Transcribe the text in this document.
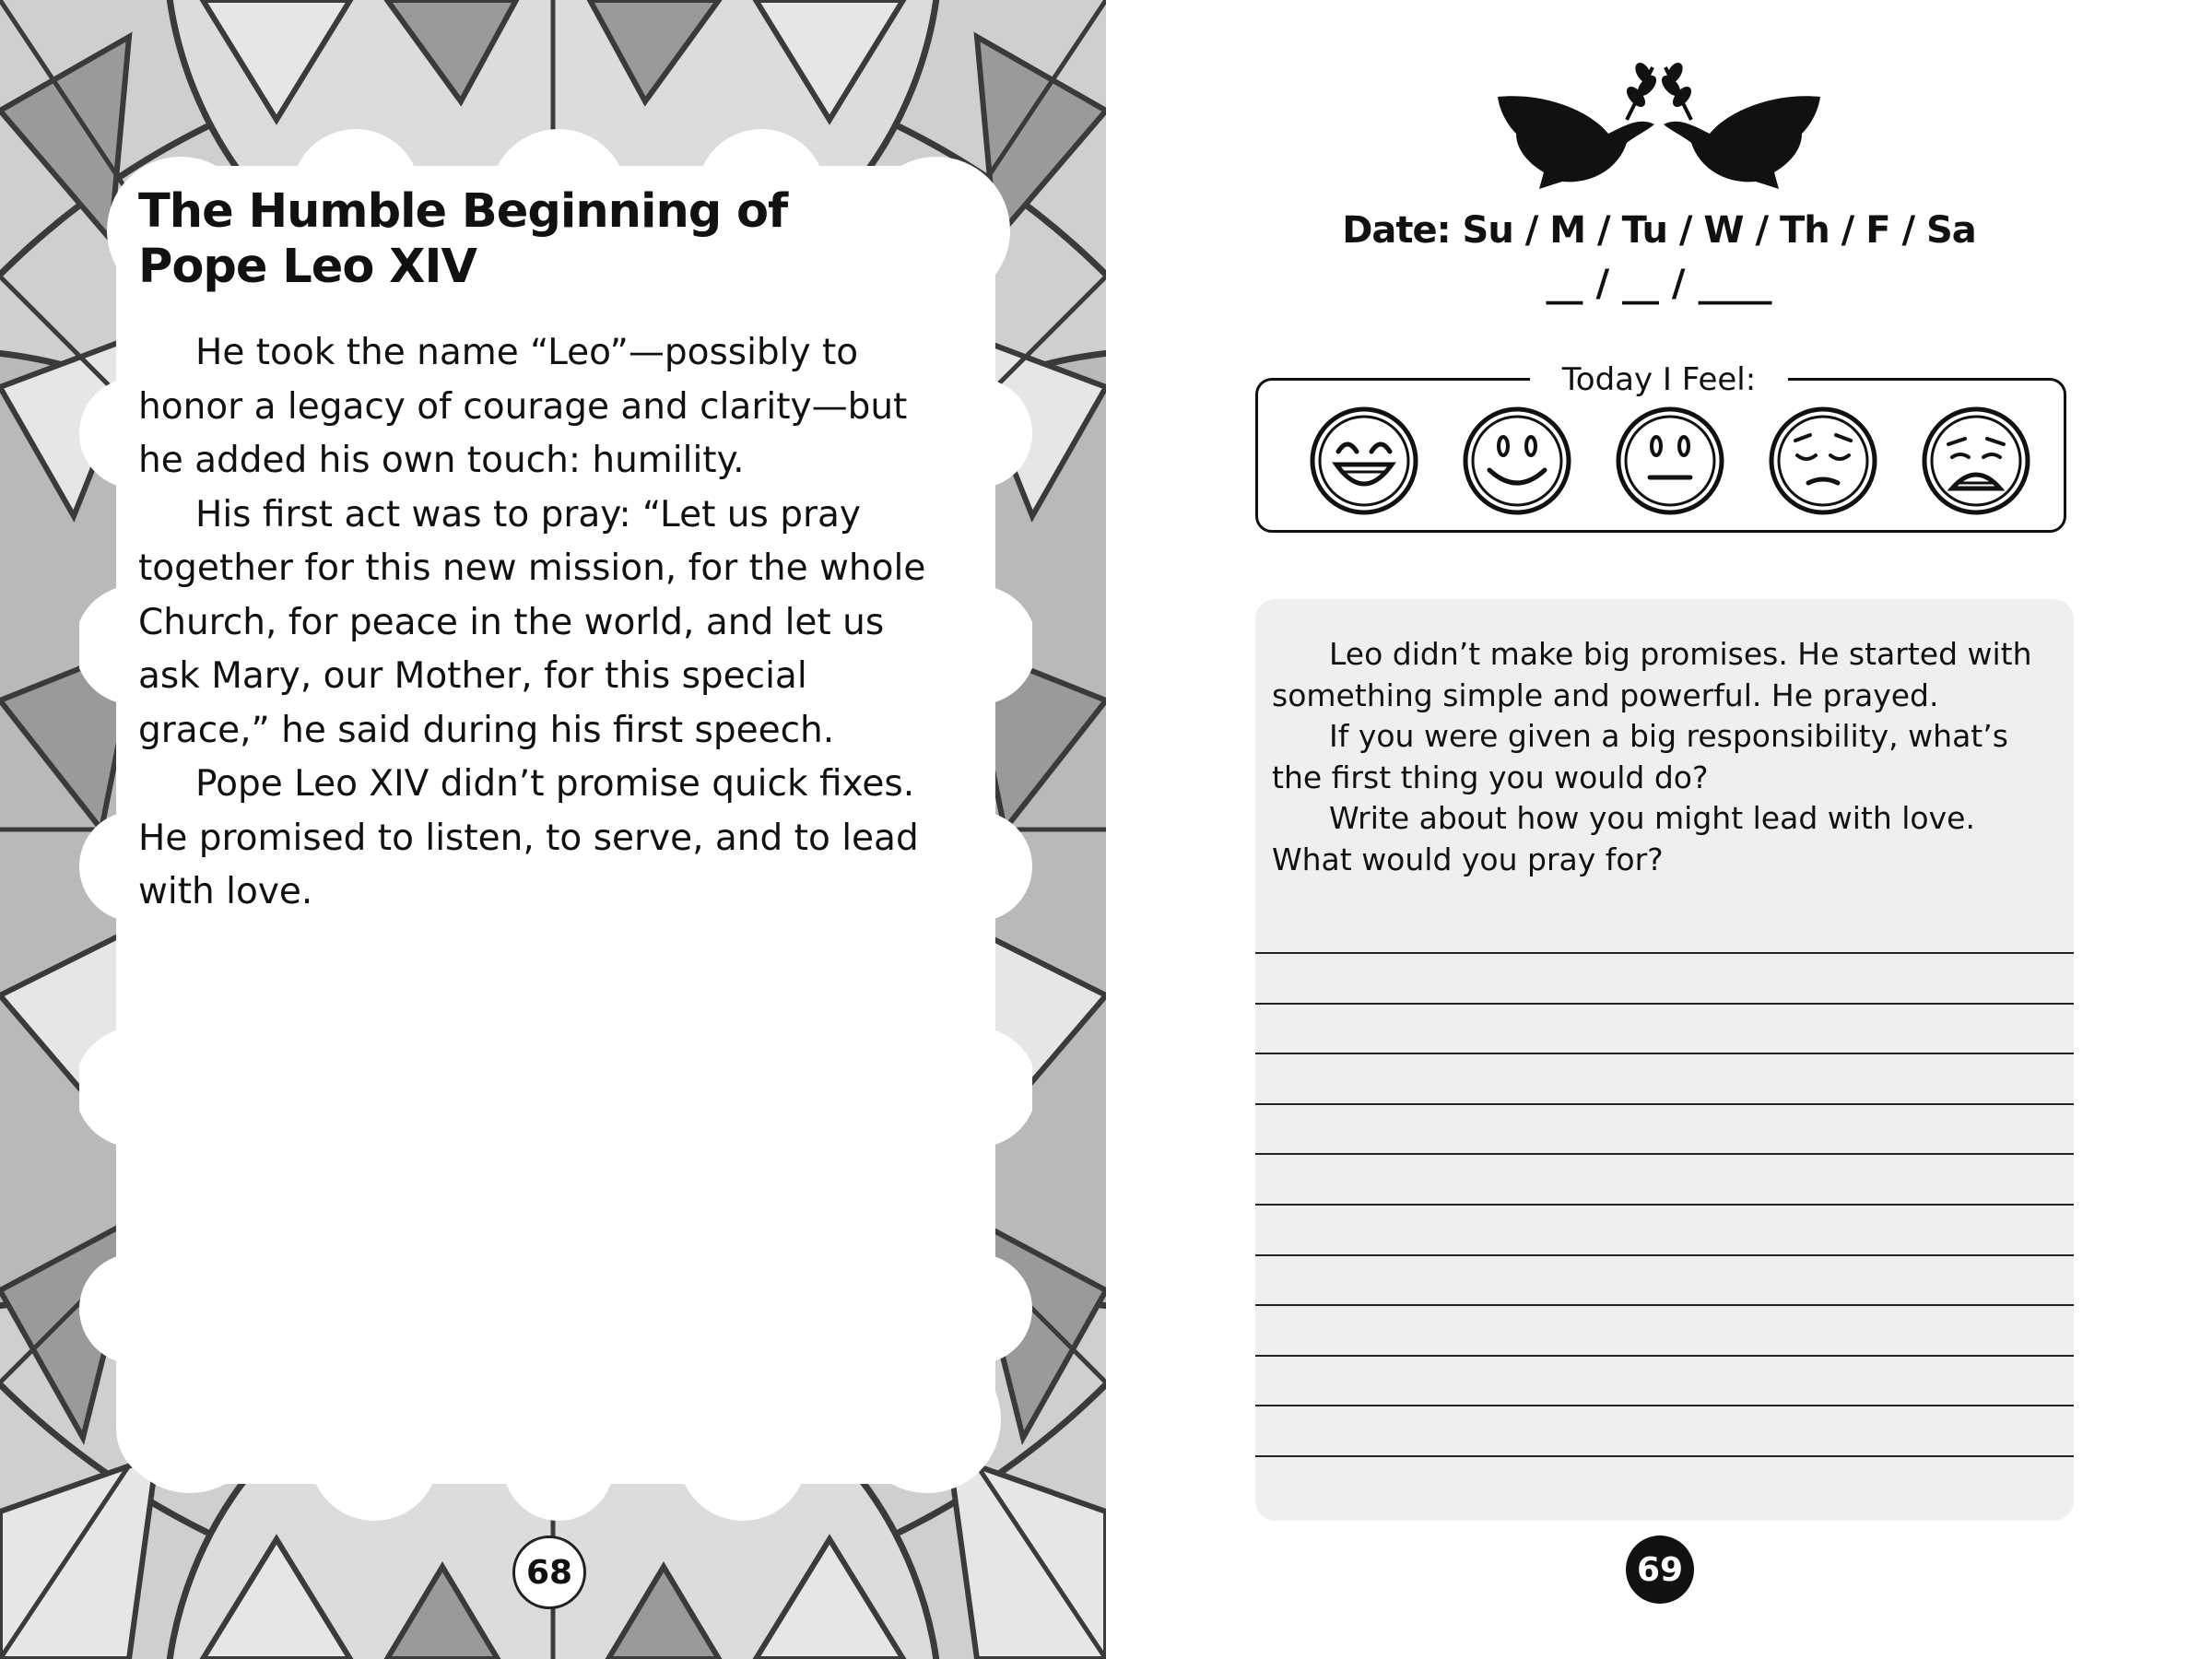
The Humble Beginning of Pope Leo XIV

He took the name “Leo”—possibly to honor a legacy of courage and clarity—but he added his own touch: humility.

His first act was to pray: “Let us pray together for this new mission, for the whole Church, for peace in the world, and let us ask Mary, our Mother, for this special grace,” he said during his first speech.

Pope Leo XIV didn’t promise quick fixes. He promised to listen, to serve, and to lead with love.

68
Date: Su / M / Tu / W / Th / F / Sa
__ / __ / ____
Today I Feel:

Leo didn’t make big promises. He started with something simple and powerful. He prayed.

If you were given a big responsibility, what’s the first thing you would do?

Write about how you might lead with love. What would you pray for?

69
